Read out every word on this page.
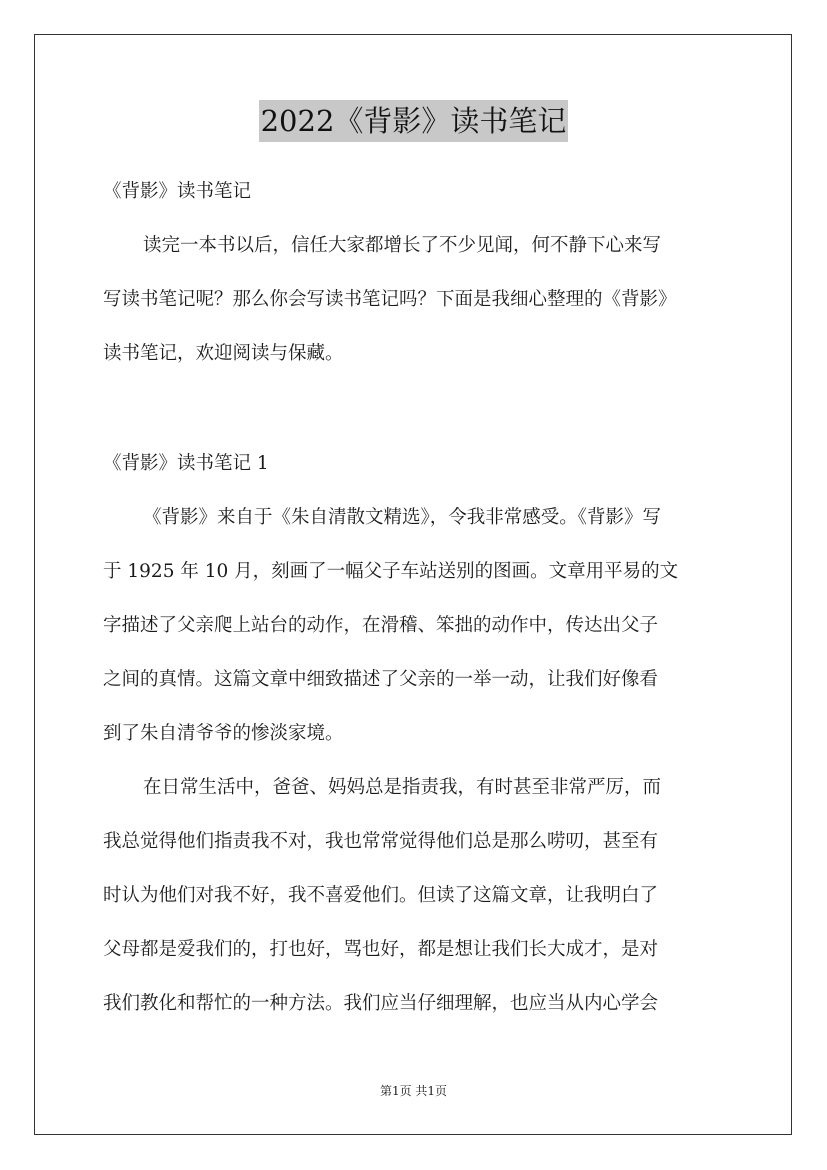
2022《背影》读书笔记
《背影》读书笔记
读完一本书以后，信任大家都增长了不少见闻，何不静下心来写
写读书笔记呢？那么你会写读书笔记吗？下面是我细心整理的《背影》
读书笔记，欢迎阅读与保藏。
《背影》读书笔记 1
《背影》来自于《朱自清散文精选》，令我非常感受。《背影》写
于 1925 年 10 月，刻画了一幅父子车站送别的图画。文章用平易的文
字描述了父亲爬上站台的动作，在滑稽、笨拙的动作中，传达出父子
之间的真情。这篇文章中细致描述了父亲的一举一动，让我们好像看
到了朱自清爷爷的惨淡家境。
在日常生活中，爸爸、妈妈总是指责我，有时甚至非常严厉，而
我总觉得他们指责我不对，我也常常觉得他们总是那么唠叨，甚至有
时认为他们对我不好，我不喜爱他们。但读了这篇文章，让我明白了
父母都是爱我们的，打也好，骂也好，都是想让我们长大成才，是对
我们教化和帮忙的一种方法。我们应当仔细理解，也应当从内心学会
第1页 共1页
